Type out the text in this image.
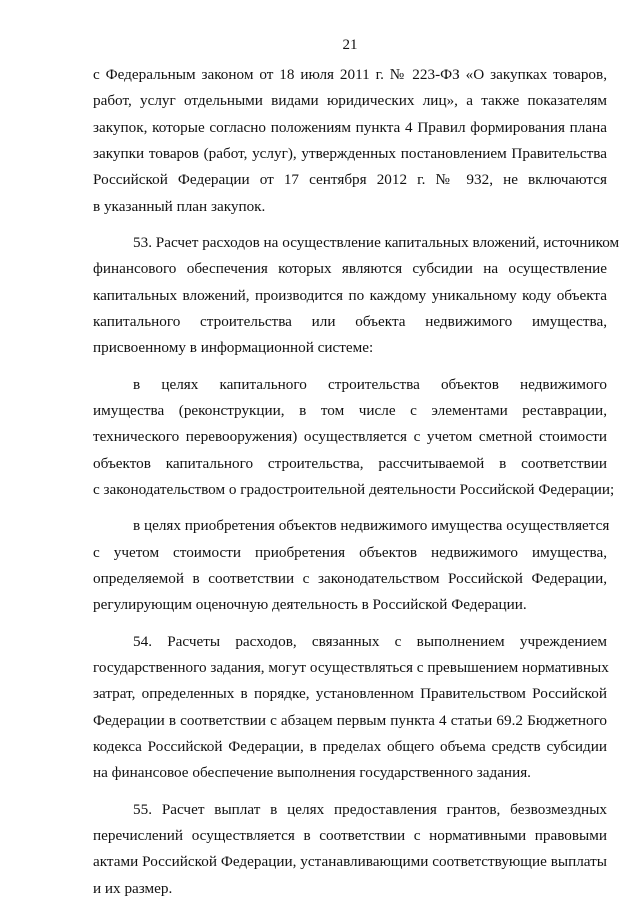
21
с Федеральным законом от 18 июля 2011 г. № 223-ФЗ «О закупках товаров,
работ, услуг отдельными видами юридических лиц», а также показателям
закупок, которые согласно положениям пункта 4 Правил формирования плана
закупки товаров (работ, услуг), утвержденных постановлением Правительства
Российской Федерации от 17 сентября 2012 г. № 932, не включаются
в указанный план закупок.
53. Расчет расходов на осуществление капитальных вложений, источником
финансового обеспечения которых являются субсидии на осуществление
капитальных вложений, производится по каждому уникальному коду объекта
капитального строительства или объекта недвижимого имущества,
присвоенному в информационной системе:
в целях капитального строительства объектов недвижимого
имущества (реконструкции, в том числе с элементами реставрации,
технического перевооружения) осуществляется с учетом сметной стоимости
объектов капитального строительства, рассчитываемой в соответствии
с законодательством о градостроительной деятельности Российской Федерации;
в целях приобретения объектов недвижимого имущества осуществляется
с учетом стоимости приобретения объектов недвижимого имущества,
определяемой в соответствии с законодательством Российской Федерации,
регулирующим оценочную деятельность в Российской Федерации.
54. Расчеты расходов, связанных с выполнением учреждением
государственного задания, могут осуществляться с превышением нормативных
затрат, определенных в порядке, установленном Правительством Российской
Федерации в соответствии с абзацем первым пункта 4 статьи 69.2 Бюджетного
кодекса Российской Федерации, в пределах общего объема средств субсидии
на финансовое обеспечение выполнения государственного задания.
55. Расчет выплат в целях предоставления грантов, безвозмездных
перечислений осуществляется в соответствии с нормативными правовыми
актами Российской Федерации, устанавливающими соответствующие выплаты
и их размер.
